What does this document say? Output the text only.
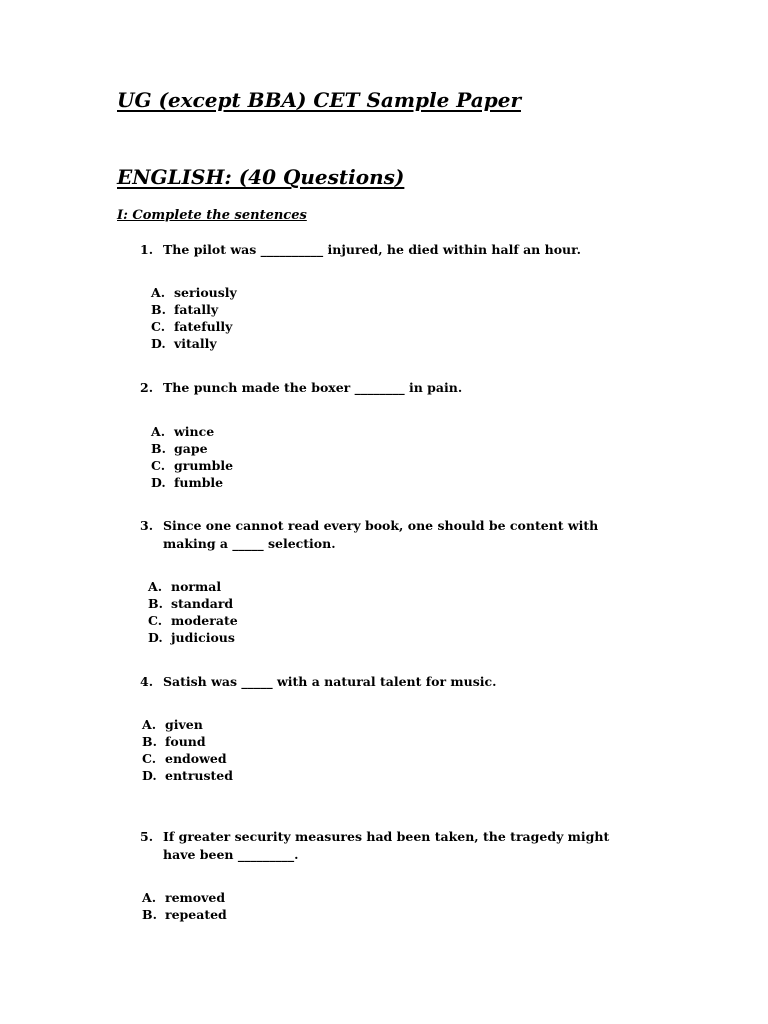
UG (except BBA) CET Sample Paper
ENGLISH: (40 Questions)
I: Complete the sentences
1. The pilot was __________ injured, he died within half an hour.
A. seriously
B. fatally
C. fatefully
D. vitally
2. The punch made the boxer ________ in pain.
A. wince
B. gape
C. grumble
D. fumble
3. Since one cannot read every book, one should be content with making a _____ selection.
A. normal
B. standard
C. moderate
D. judicious
4. Satish was _____ with a natural talent for music.
A. given
B. found
C. endowed
D. entrusted
5. If greater security measures had been taken, the tragedy might have been _________.
A. removed
B. repeated
